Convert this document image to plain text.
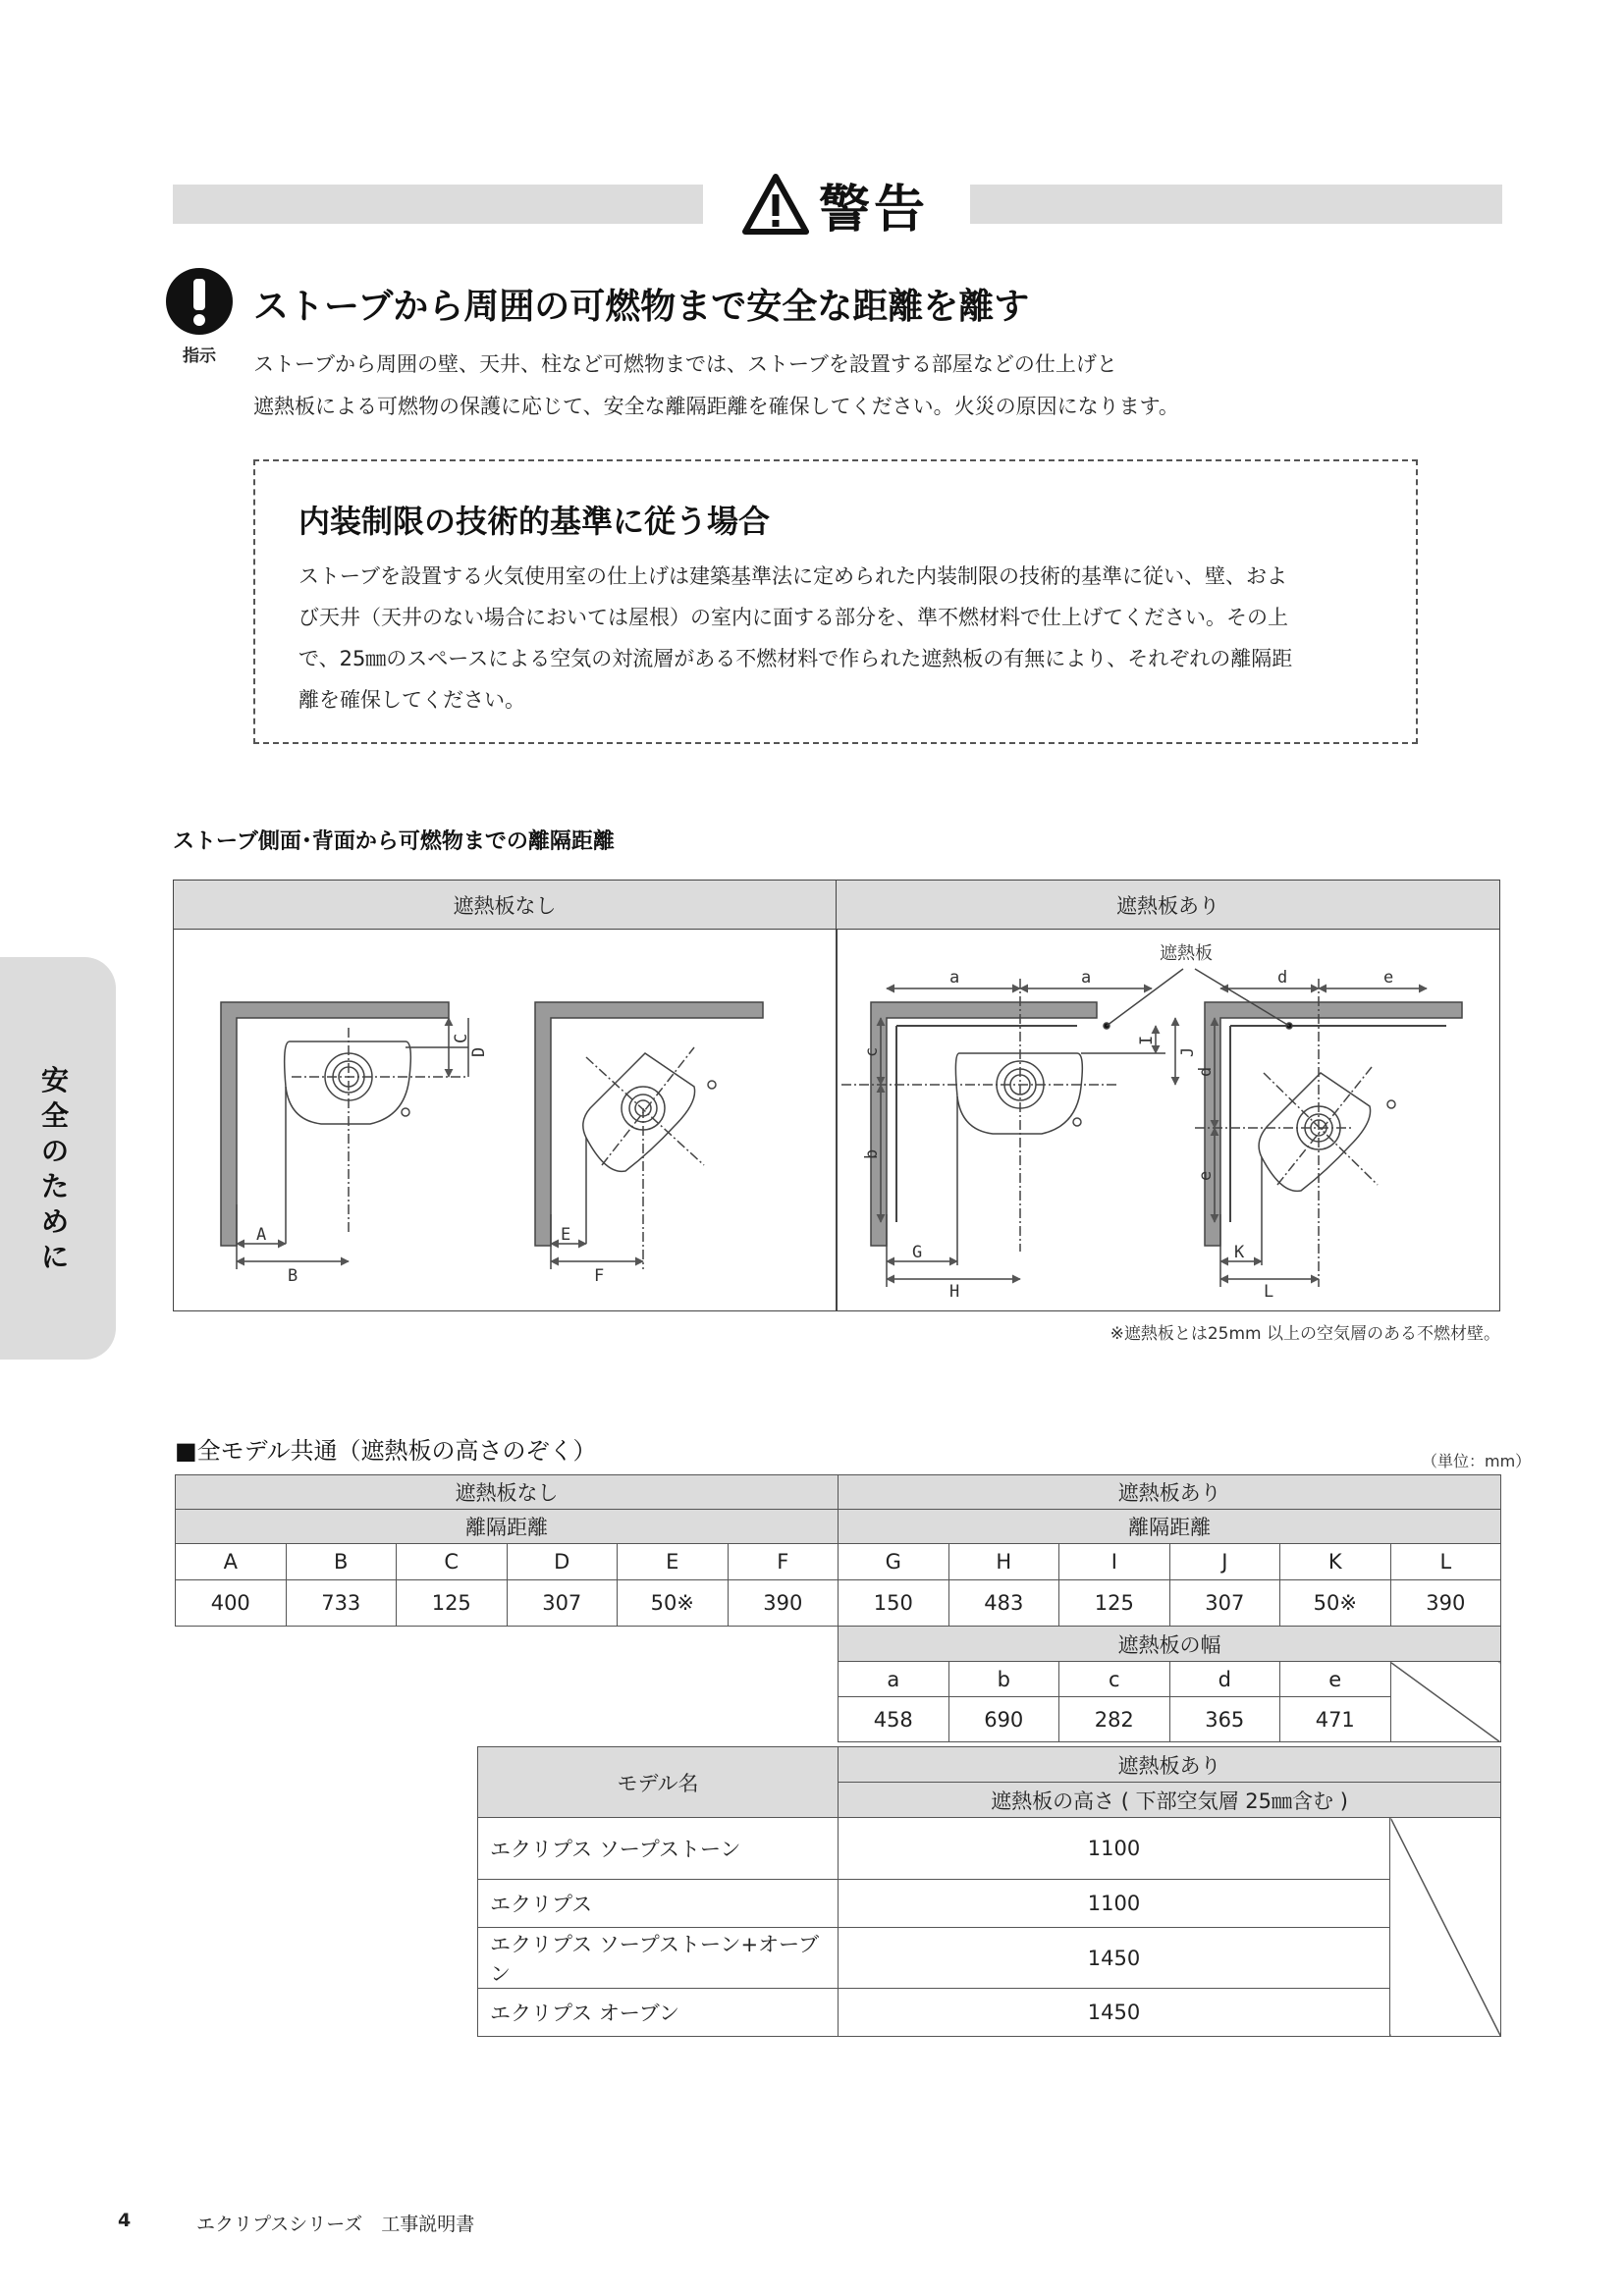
警告
指示
ストーブから周囲の可燃物まで安全な距離を離す
ストーブから周囲の壁、天井、柱など可燃物までは、ストーブを設置する部屋などの仕上げと
遮熱板による可燃物の保護に応じて、安全な離隔距離を確保してください。火災の原因になります。
内装制限の技術的基準に従う場合
ストーブを設置する火気使用室の仕上げは建築基準法に定められた内装制限の技術的基準に従い、壁、およ
び天井（天井のない場合においては屋根）の室内に面する部分を、準不燃材料で仕上げてください。その上
で、25㎜のスペースによる空気の対流層がある不燃材料で作られた遮熱板の有無により、それぞれの離隔距
離を確保してください。
安全のために
ストーブ側面･背面から可燃物までの離隔距離
遮熱板なし	遮熱板あり
A
B
C
D
E
F
G
H
I
J
K
L
a	a
c
b
d	e
d
e
遮熱板
※遮熱板とは25mm 以上の空気層のある不燃材壁。
■全モデル共通（遮熱板の高さのぞく）	（単位：mm）
遮熱板なし						遮熱板あり					
離隔距離						離隔距離					
A	B	C	D	E	F	G	H	I	J	K	L
400	733	125	307	50※	390	150	483	125	307	50※	390
遮熱板の幅					
a	b	c	d	e	
458	690	282	365	471	
モデル名	遮熱板あり	
	遮熱板の高さ ( 下部空気層 25㎜含む )	
エクリプス ソープストーン	1100	
エクリプス	1100	
エクリプス ソープストーン+オーブン	1450	
エクリプス オーブン	1450	
4	エクリプスシリーズ　工事説明書
